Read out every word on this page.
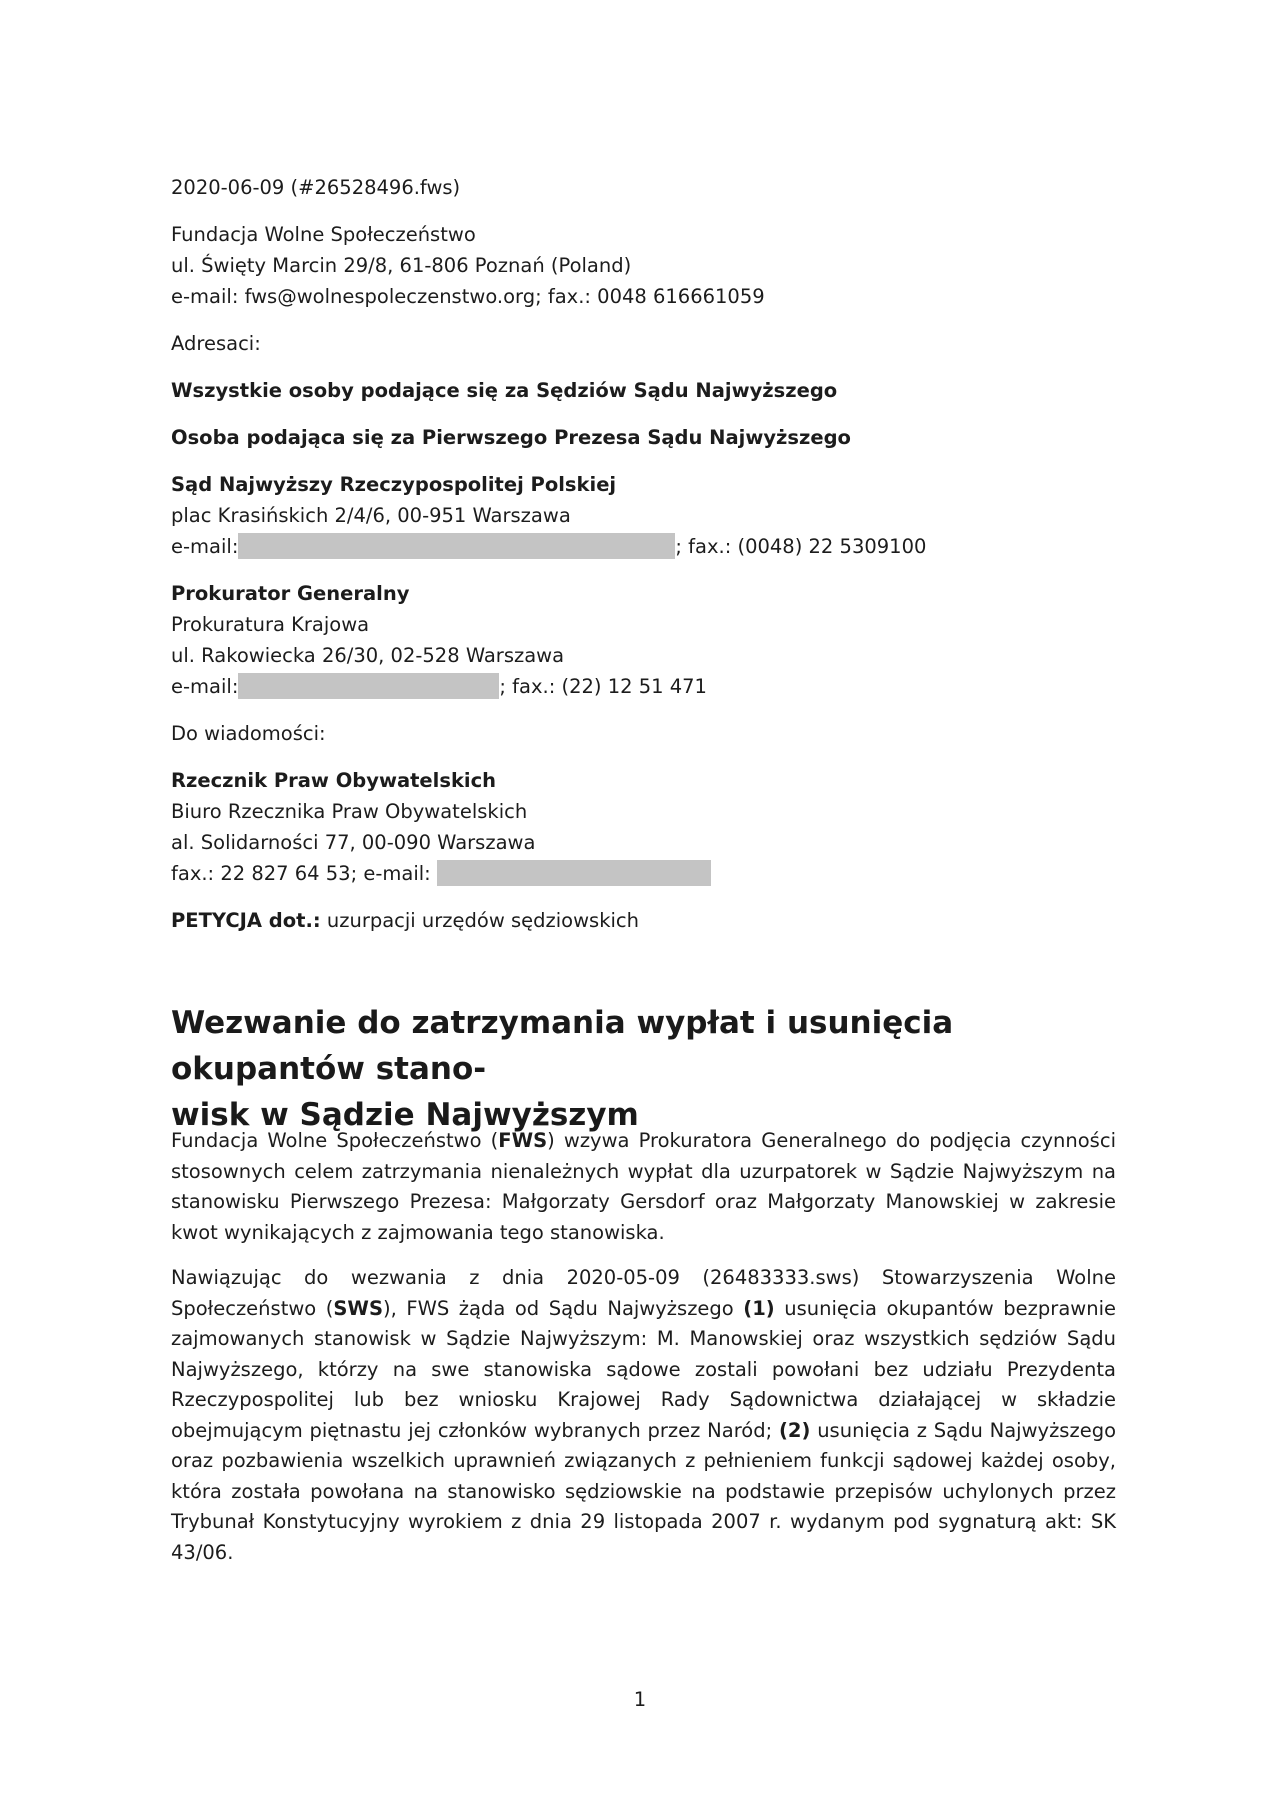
2020-06-09 (#26528496.fws)

Fundacja Wolne Społeczeństwo

ul. Święty Marcin 29/8, 61-806 Poznań (Poland)

e-mail: fws@wolnespoleczenstwo.org; fax.: 0048 616661059

Adresaci:

Wszystkie osoby podające się za Sędziów Sądu Najwyższego

Osoba podająca się za Pierwszego Prezesa Sądu Najwyższego

Sąd Najwyższy Rzeczypospolitej Polskiej

plac Krasińskich 2/4/6, 00-951 Warszawa

e-mail:	; fax.: (0048) 22 5309100

Prokurator Generalny

Prokuratura Krajowa

ul. Rakowiecka 26/30, 02-528 Warszawa

e-mail:	; fax.: (22) 12 51 471

Do wiadomości:

Rzecznik Praw Obywatelskich

Biuro Rzecznika Praw Obywatelskich

al. Solidarności 77, 00-090 Warszawa

fax.: 22 827 64 53; e-mail:

PETYCJA dot.: uzurpacji urzędów sędziowskich

Wezwanie do zatrzymania wypłat i usunięcia okupantów stano-
wisk w Sądzie Najwyższym

Fundacja Wolne Społeczeństwo (FWS) wzywa Prokuratora Generalnego do podjęcia czynności stosownych celem zatrzymania nienależnych wypłat dla uzurpatorek w Sądzie Najwyższym na stanowisku Pierwszego Prezesa: Małgorzaty Gersdorf oraz Małgorzaty Manowskiej w zakresie kwot wynikających z zajmowania tego stanowiska.

Nawiązując do wezwania z dnia 2020-05-09 (26483333.sws) Stowarzyszenia Wolne Społeczeństwo (SWS), FWS żąda od Sądu Najwyższego (1) usunięcia okupantów bezprawnie zajmowanych stanowisk w Sądzie Najwyższym: M. Manowskiej oraz wszystkich sędziów Sądu Najwyższego, którzy na swe stanowiska sądowe zostali powołani bez udziału Prezydenta Rzeczypospolitej lub bez wniosku Krajowej Rady Sądownictwa działającej w składzie obejmującym piętnastu jej członków wybranych przez Naród; (2) usunięcia z Sądu Najwyższego oraz pozbawienia wszelkich uprawnień związanych z pełnieniem funkcji sądowej każdej osoby, która została powołana na stanowisko sędziowskie na podstawie przepisów uchylonych przez Trybunał Konstytucyjny wyrokiem z dnia 29 listopada 2007 r. wydanym pod sygnaturą akt: SK 43/06.

1
